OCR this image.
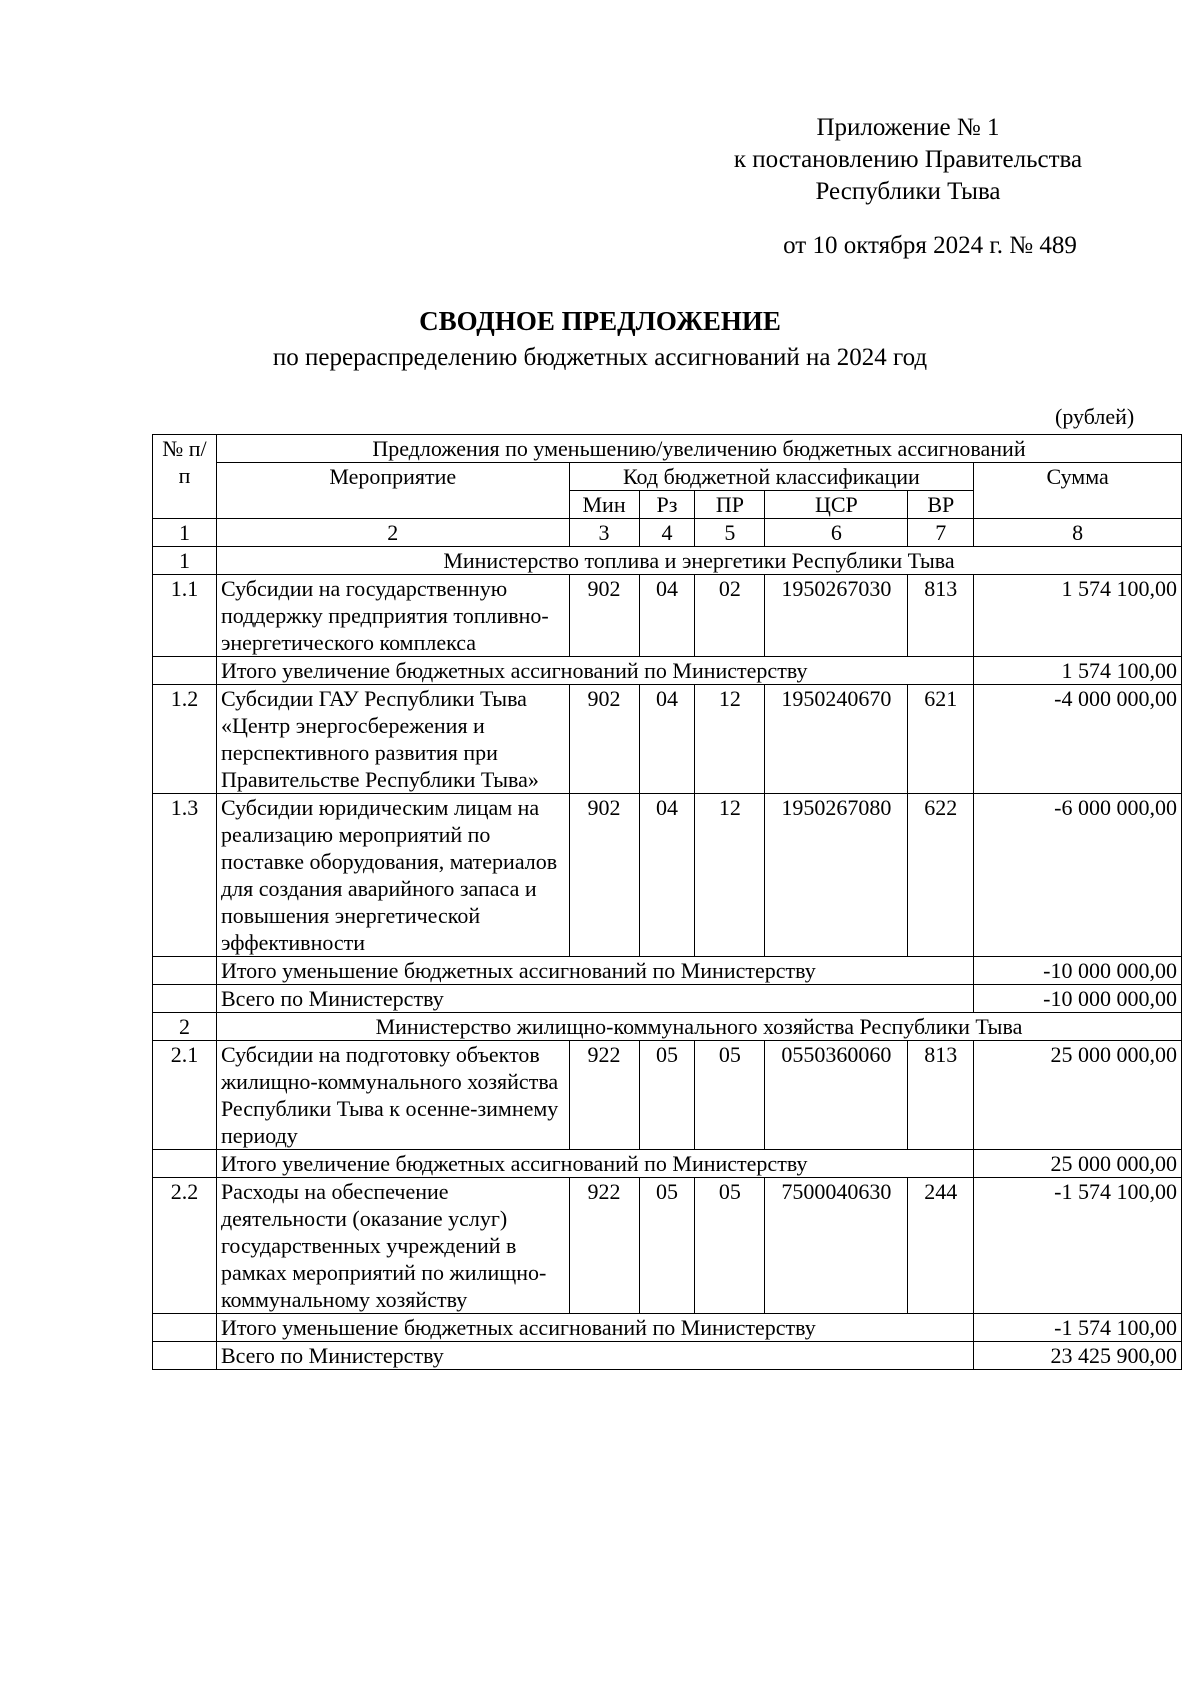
Приложение № 1
к постановлению Правительства
Республики Тыва
от 10 октября 2024 г. № 489
СВОДНОЕ ПРЕДЛОЖЕНИЕ
по перераспределению бюджетных ассигнований на 2024 год
(рублей)
№ п/п	Предложения по уменьшению/увеличению бюджетных ассигнований						
	Мероприятие	Код бюджетной классификации					Сумма
		Мин	Рз	ПР	ЦСР	ВР	
1	2	3	4	5	6	7	8
1	Министерство топлива и энергетики Республики Тыва						
1.1	Субсидии на государственную поддержку предприятия топливно-энергетического комплекса	902	04	02	1950267030	813	1 574 100,00
	Итого увеличение бюджетных ассигнований по Министерству						1 574 100,00
1.2	Субсидии ГАУ Республики Тыва «Центр энергосбережения и перспективного развития при Правительстве Республики Тыва»	902	04	12	1950240670	621	-4 000 000,00
1.3	Субсидии юридическим лицам на реализацию мероприятий по поставке оборудования, материалов для создания аварийного запаса и повышения энергетической эффективности	902	04	12	1950267080	622	-6 000 000,00
	Итого уменьшение бюджетных ассигнований по Министерству						-10 000 000,00
	Всего по Министерству						-10 000 000,00
2	Министерство жилищно-коммунального хозяйства Республики Тыва						
2.1	Субсидии на подготовку объектов жилищно-коммунального хозяйства Республики Тыва к осенне-зимнему периоду	922	05	05	0550360060	813	25 000 000,00
	Итого увеличение бюджетных ассигнований по Министерству						25 000 000,00
2.2	Расходы на обеспечение деятельности (оказание услуг) государственных учреждений в рамках мероприятий по жилищно-коммунальному хозяйству	922	05	05	7500040630	244	-1 574 100,00
	Итого уменьшение бюджетных ассигнований по Министерству						-1 574 100,00
	Всего по Министерству						23 425 900,00
